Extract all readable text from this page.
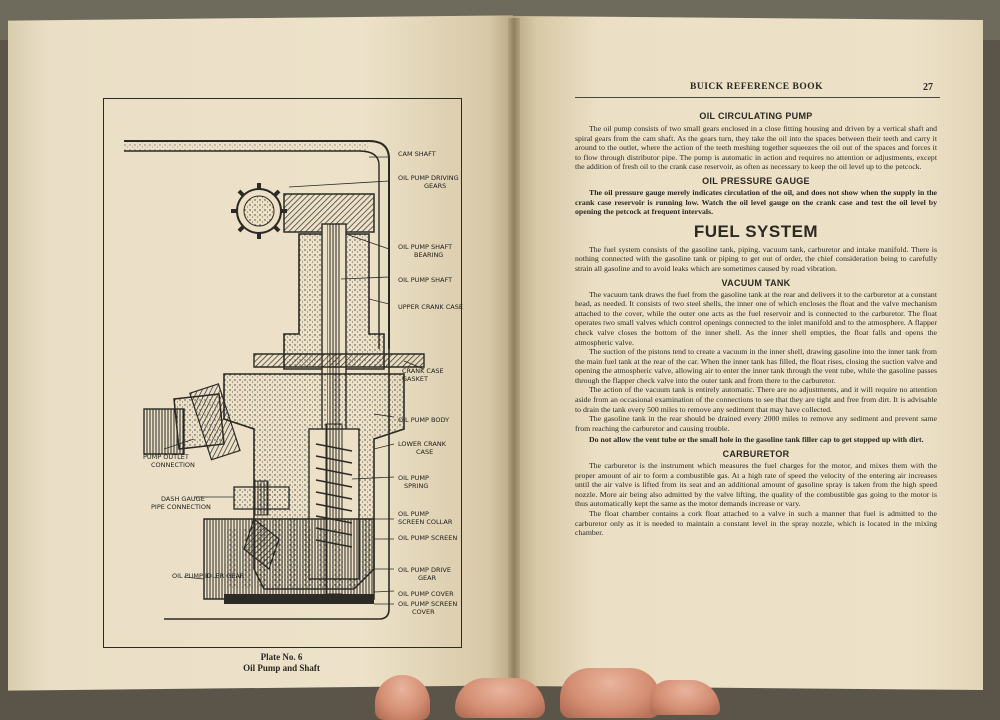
CAM SHAFT
OIL PUMP DRIVING
GEARS
OIL PUMP SHAFT
BEARING
OIL PUMP SHAFT
UPPER CRANK CASE
CRANK CASE
GASKET
OIL PUMP BODY
LOWER CRANK
CASE
OIL PUMP
SPRING
PUMP OUTLET
CONNECTION
DASH GAUGE
PIPE CONNECTION
OIL PUMP
SCREEN COLLAR
OIL PUMP SCREEN
OIL PUMP IDLER GEAR
OIL PUMP DRIVE
GEAR
OIL PUMP COVER
OIL PUMP SCREEN
COVER
Plate No. 6
Oil Pump and Shaft
BUICK REFERENCE BOOK	27

OIL CIRCULATING PUMP

The oil pump consists of two small gears enclosed in a close fitting housing and driven by a vertical shaft and spiral gears from the cam shaft. As the gears turn, they take the oil into the spaces between their teeth and carry it around to the outlet, where the action of the teeth meshing together squeezes the oil out of the spaces and forces it to flow through distributor pipe. The pump is automatic in action and requires no attention or adjustments, except the addition of fresh oil to the crank case reservoir, as often as necessary to keep the oil level up to the petcock.

OIL PRESSURE GAUGE

The oil pressure gauge merely indicates circulation of the oil, and does not show when the supply in the crank case reservoir is running low. Watch the oil level gauge on the crank case and test the oil level by opening the petcock at frequent intervals.

FUEL SYSTEM

The fuel system consists of the gasoline tank, piping, vacuum tank, carburetor and intake manifold. There is nothing connected with the gasoline tank or piping to get out of order, the chief consideration being to carefully strain all gasoline and to avoid leaks which are sometimes caused by road vibration.

VACUUM TANK

The vacuum tank draws the fuel from the gasoline tank at the rear and delivers it to the carburetor at a constant head, as needed. It consists of two steel shells, the inner one of which encloses the float and the valve mechanism attached to the cover, while the outer one acts as the fuel reservoir and is connected to the carburetor. The float operates two small valves which control openings connected to the inlet manifold and to the atmosphere. A flapper check valve closes the bottom of the inner shell. As the inner shell empties, the float falls and opens the atmospheric valve.

The suction of the pistons tend to create a vacuum in the inner shell, drawing gasoline into the inner tank from the main fuel tank at the rear of the car. When the inner tank has filled, the float rises, closing the suction valve and opening the atmospheric valve, allowing air to enter the inner tank through the vent tube, while the gasoline passes through the flapper check valve into the outer tank and from there to the carburetor.

The action of the vacuum tank is entirely automatic. There are no adjustments, and it will require no attention aside from an occasional examination of the connections to see that they are tight and free from dirt. It is advisable to drain the tank every 500 miles to remove any sediment that may have collected.

The gasoline tank in the rear should be drained every 2000 miles to remove any sediment and prevent same from reaching the carburetor and causing trouble.

Do not allow the vent tube or the small hole in the gasoline tank filler cap to get stopped up with dirt.

CARBURETOR

The carburetor is the instrument which measures the fuel charges for the motor, and mixes them with the proper amount of air to form a combustible gas. At a high rate of speed the velocity of the entering air increases until the air valve is lifted from its seat and an additional amount of gasoline spray is taken from the high speed nozzle. More air being also admitted by the valve lifting, the quality of the combustible gas going to the motor is thus automatically kept the same as the motor demands increase or vary.

The float chamber contains a cork float attached to a valve in such a manner that fuel is admitted to the carburetor only as it is needed to maintain a constant level in the spray nozzle, which is located in the mixing chamber.
